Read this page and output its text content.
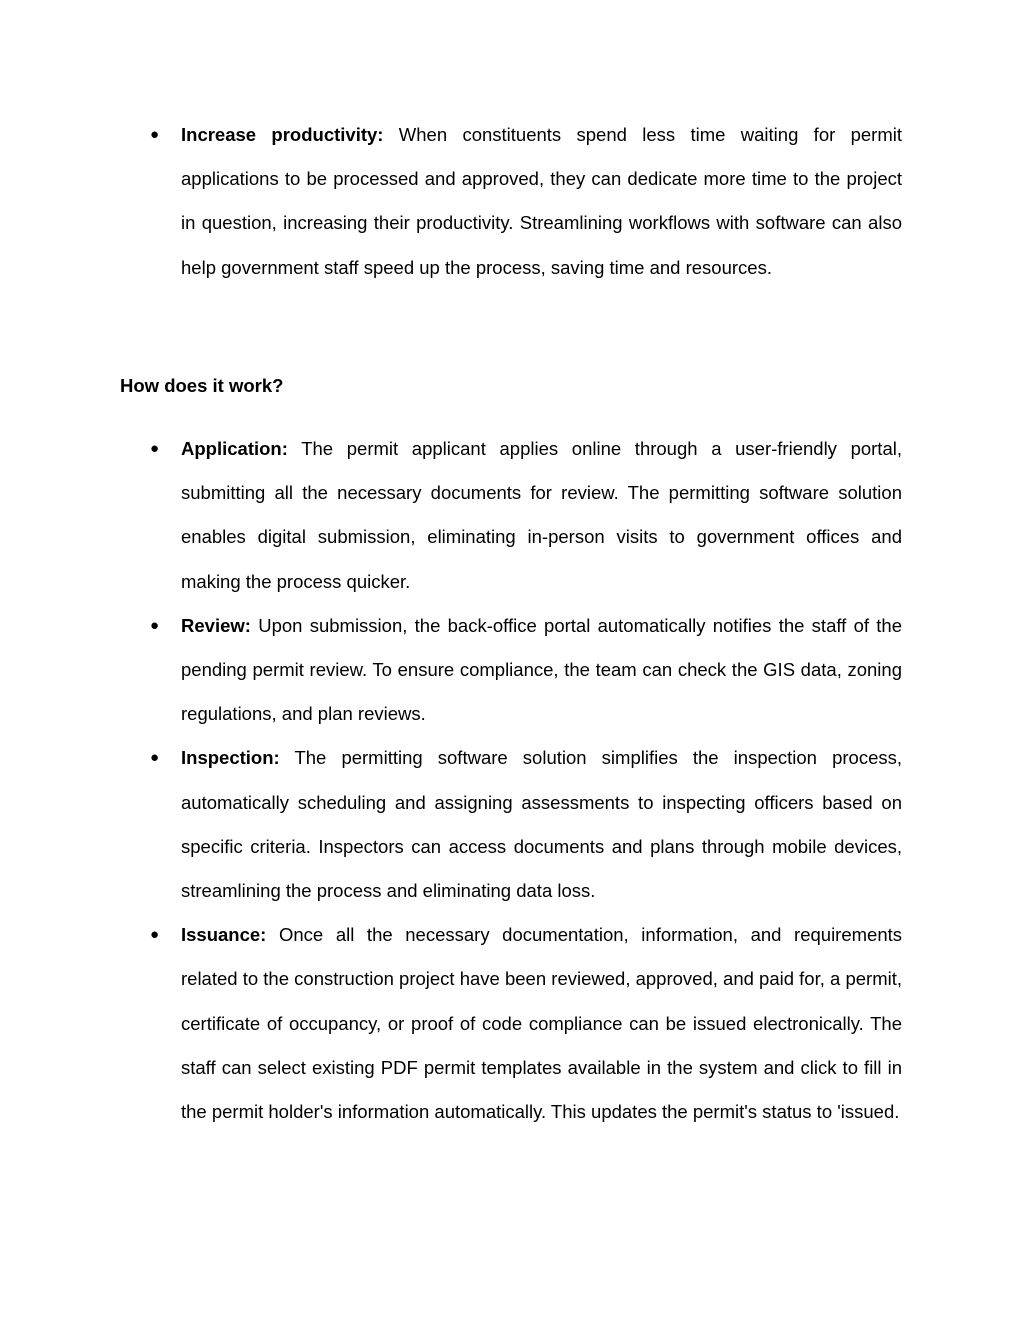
● Increase productivity: When constituents spend less time waiting for permit applications to be processed and approved, they can dedicate more time to the project in question, increasing their productivity. Streamlining workflows with software can also help government staff speed up the process, saving time and resources.
How does it work?
● Application: The permit applicant applies online through a user-friendly portal, submitting all the necessary documents for review. The permitting software solution enables digital submission, eliminating in-person visits to government offices and making the process quicker.
● Review: Upon submission, the back-office portal automatically notifies the staff of the pending permit review. To ensure compliance, the team can check the GIS data, zoning regulations, and plan reviews.
● Inspection: The permitting software solution simplifies the inspection process, automatically scheduling and assigning assessments to inspecting officers based on specific criteria. Inspectors can access documents and plans through mobile devices, streamlining the process and eliminating data loss.
● Issuance: Once all the necessary documentation, information, and requirements related to the construction project have been reviewed, approved, and paid for, a permit, certificate of occupancy, or proof of code compliance can be issued electronically. The staff can select existing PDF permit templates available in the system and click to fill in the permit holder's information automatically. This updates the permit's status to 'issued.
